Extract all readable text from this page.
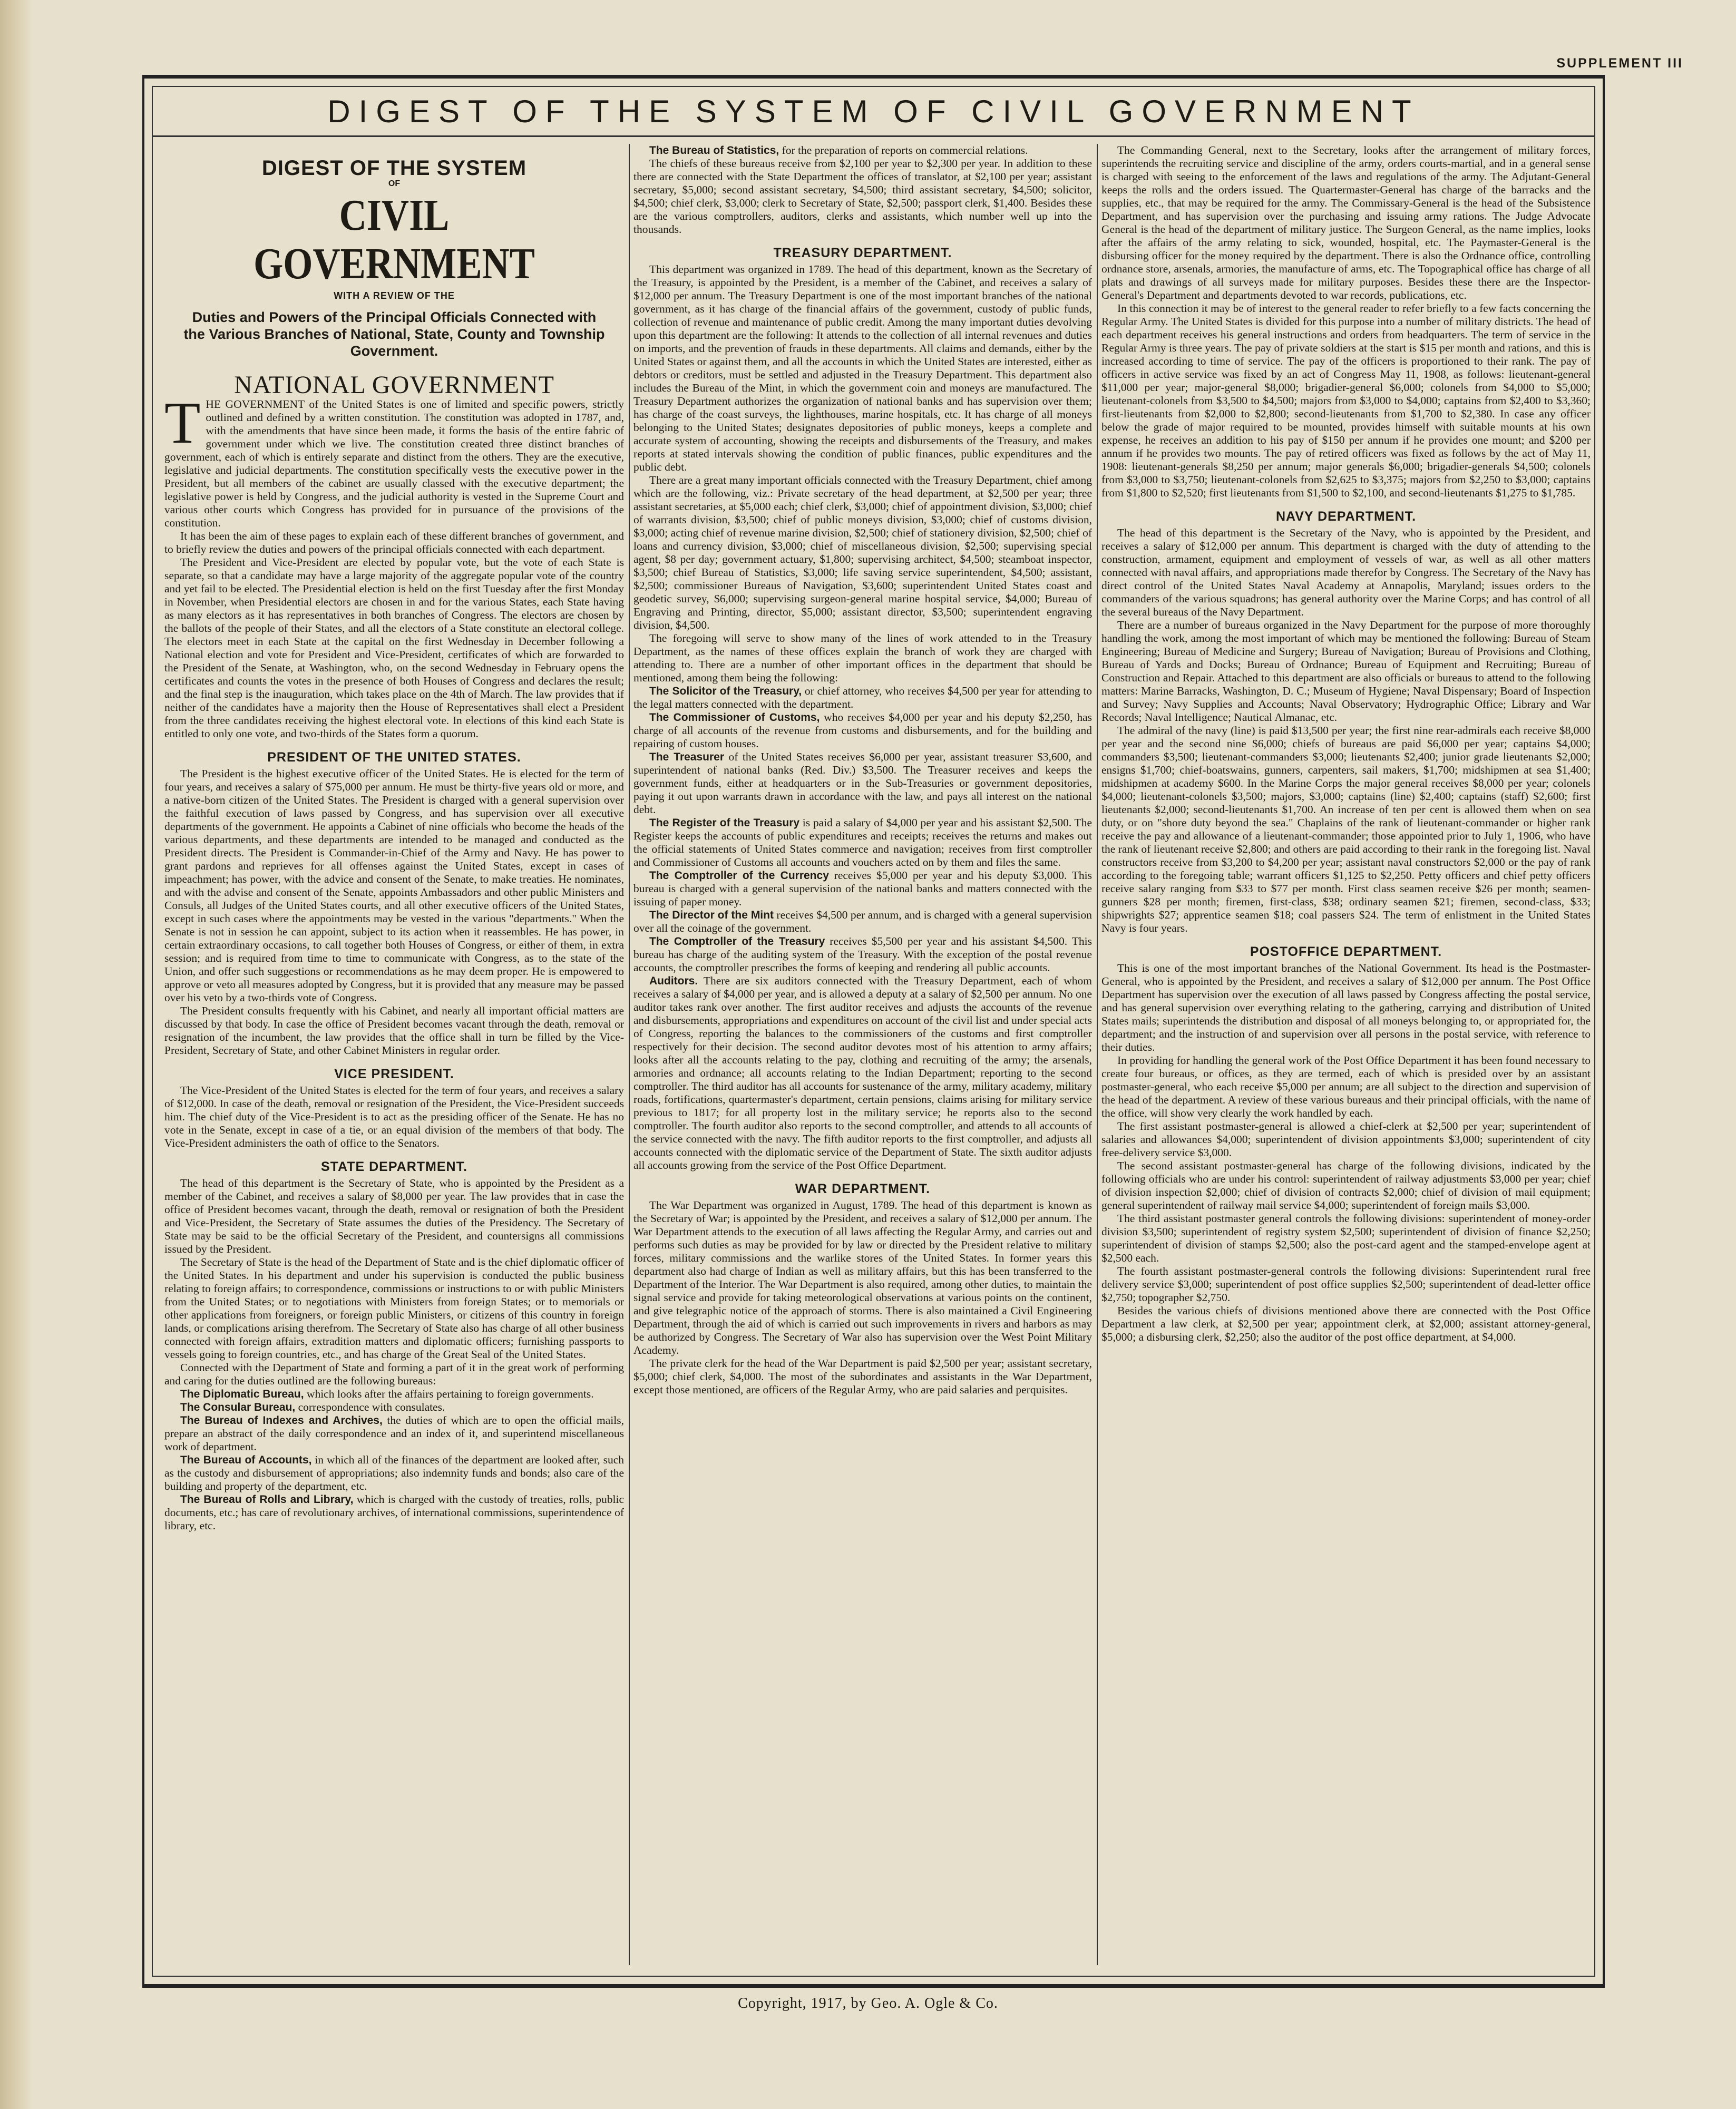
SUPPLEMENT III
DIGEST OF THE SYSTEM OF CIVIL GOVERNMENT
DIGEST OF THE SYSTEM
OF
CIVIL GOVERNMENT
WITH A REVIEW OF THE
Duties and Powers of the Principal Officials Connected with the Various Branches of National, State, County and Township Government.
NATIONAL GOVERNMENT

THE GOVERNMENT of the United States is one of limited and specific powers, strictly outlined and defined by a written constitution. The constitution was adopted in 1787, and, with the amendments that have since been made, it forms the basis of the entire fabric of government under which we live. The constitution created three distinct branches of government, each of which is entirely separate and distinct from the others. They are the executive, legislative and judicial departments. The constitution specifically vests the executive power in the President, but all members of the cabinet are usually classed with the executive department; the legislative power is held by Congress, and the judicial authority is vested in the Supreme Court and various other courts which Congress has provided for in pursuance of the provisions of the constitution.

It has been the aim of these pages to explain each of these different branches of government, and to briefly review the duties and powers of the principal officials connected with each department.

The President and Vice-President are elected by popular vote, but the vote of each State is separate, so that a candidate may have a large majority of the aggregate popular vote of the country and yet fail to be elected. The Presidential election is held on the first Tuesday after the first Monday in November, when Presidential electors are chosen in and for the various States, each State having as many electors as it has representatives in both branches of Congress. The electors are chosen by the ballots of the people of their States, and all the electors of a State constitute an electoral college. The electors meet in each State at the capital on the first Wednesday in December following a National election and vote for President and Vice-President, certificates of which are forwarded to the President of the Senate, at Washington, who, on the second Wednesday in February opens the certificates and counts the votes in the presence of both Houses of Congress and declares the result; and the final step is the inauguration, which takes place on the 4th of March. The law provides that if neither of the candidates have a majority then the House of Representatives shall elect a President from the three candidates receiving the highest electoral vote. In elections of this kind each State is entitled to only one vote, and two-thirds of the States form a quorum.

PRESIDENT OF THE UNITED STATES.

The President is the highest executive officer of the United States. He is elected for the term of four years, and receives a salary of $75,000 per annum. He must be thirty-five years old or more, and a native-born citizen of the United States. The President is charged with a general supervision over the faithful execution of laws passed by Congress, and has supervision over all executive departments of the government. He appoints a Cabinet of nine officials who become the heads of the various departments, and these departments are intended to be managed and conducted as the President directs. The President is Commander-in-Chief of the Army and Navy. He has power to grant pardons and reprieves for all offenses against the United States, except in cases of impeachment; has power, with the advice and consent of the Senate, to make treaties. He nominates, and with the advise and consent of the Senate, appoints Ambassadors and other public Ministers and Consuls, all Judges of the United States courts, and all other executive officers of the United States, except in such cases where the appointments may be vested in the various "departments." When the Senate is not in session he can appoint, subject to its action when it reassembles. He has power, in certain extraordinary occasions, to call together both Houses of Congress, or either of them, in extra session; and is required from time to time to communicate with Congress, as to the state of the Union, and offer such suggestions or recommendations as he may deem proper. He is empowered to approve or veto all measures adopted by Congress, but it is provided that any measure may be passed over his veto by a two-thirds vote of Congress.

The President consults frequently with his Cabinet, and nearly all important official matters are discussed by that body. In case the office of President becomes vacant through the death, removal or resignation of the incumbent, the law provides that the office shall in turn be filled by the Vice-President, Secretary of State, and other Cabinet Ministers in regular order.

VICE PRESIDENT.

The Vice-President of the United States is elected for the term of four years, and receives a salary of $12,000. In case of the death, removal or resignation of the President, the Vice-President succeeds him. The chief duty of the Vice-President is to act as the presiding officer of the Senate. He has no vote in the Senate, except in case of a tie, or an equal division of the members of that body. The Vice-President administers the oath of office to the Senators.

STATE DEPARTMENT.

The head of this department is the Secretary of State, who is appointed by the President as a member of the Cabinet, and receives a salary of $8,000 per year. The law provides that in case the office of President becomes vacant, through the death, removal or resignation of both the President and Vice-President, the Secretary of State assumes the duties of the Presidency. The Secretary of State may be said to be the official Secretary of the President, and countersigns all commissions issued by the President.

The Secretary of State is the head of the Department of State and is the chief diplomatic officer of the United States. In his department and under his supervision is conducted the public business relating to foreign affairs; to correspondence, commissions or instructions to or with public Ministers from the United States; or to negotiations with Ministers from foreign States; or to memorials or other applications from foreigners, or foreign public Ministers, or citizens of this country in foreign lands, or complications arising therefrom. The Secretary of State also has charge of all other business connected with foreign affairs, extradition matters and diplomatic officers; furnishing passports to vessels going to foreign countries, etc., and has charge of the Great Seal of the United States.

Connected with the Department of State and forming a part of it in the great work of performing and caring for the duties outlined are the following bureaus:

The Diplomatic Bureau, which looks after the affairs pertaining to foreign governments.

The Consular Bureau, correspondence with consulates.

The Bureau of Indexes and Archives, the duties of which are to open the official mails, prepare an abstract of the daily correspondence and an index of it, and superintend miscellaneous work of department.

The Bureau of Accounts, in which all of the finances of the department are looked after, such as the custody and disbursement of appropriations; also indemnity funds and bonds; also care of the building and property of the department, etc.

The Bureau of Rolls and Library, which is charged with the custody of treaties, rolls, public documents, etc.; has care of revolutionary archives, of international commissions, superintendence of library, etc.

The Bureau of Statistics, for the preparation of reports on commercial relations.

The chiefs of these bureaus receive from $2,100 per year to $2,300 per year. In addition to these there are connected with the State Department the offices of translator, at $2,100 per year; assistant secretary, $5,000; second assistant secretary, $4,500; third assistant secretary, $4,500; solicitor, $4,500; chief clerk, $3,000; clerk to Secretary of State, $2,500; passport clerk, $1,400. Besides these are the various comptrollers, auditors, clerks and assistants, which number well up into the thousands.

TREASURY DEPARTMENT.

This department was organized in 1789. The head of this department, known as the Secretary of the Treasury, is appointed by the President, is a member of the Cabinet, and receives a salary of $12,000 per annum. The Treasury Department is one of the most important branches of the national government, as it has charge of the financial affairs of the government, custody of public funds, collection of revenue and maintenance of public credit. Among the many important duties devolving upon this department are the following: It attends to the collection of all internal revenues and duties on imports, and the prevention of frauds in these departments. All claims and demands, either by the United States or against them, and all the accounts in which the United States are interested, either as debtors or creditors, must be settled and adjusted in the Treasury Department. This department also includes the Bureau of the Mint, in which the government coin and moneys are manufactured. The Treasury Department authorizes the organization of national banks and has supervision over them; has charge of the coast surveys, the lighthouses, marine hospitals, etc. It has charge of all moneys belonging to the United States; designates depositories of public moneys, keeps a complete and accurate system of accounting, showing the receipts and disbursements of the Treasury, and makes reports at stated intervals showing the condition of public finances, public expenditures and the public debt.

There are a great many important officials connected with the Treasury Department, chief among which are the following, viz.: Private secretary of the head department, at $2,500 per year; three assistant secretaries, at $5,000 each; chief clerk, $3,000; chief of appointment division, $3,000; chief of warrants division, $3,500; chief of public moneys division, $3,000; chief of customs division, $3,000; acting chief of revenue marine division, $2,500; chief of stationery division, $2,500; chief of loans and currency division, $3,000; chief of miscellaneous division, $2,500; supervising special agent, $8 per day; government actuary, $1,800; supervising architect, $4,500; steamboat inspector, $3,500; chief Bureau of Statistics, $3,000; life saving service superintendent, $4,500; assistant, $2,500; commissioner Bureaus of Navigation, $3,600; superintendent United States coast and geodetic survey, $6,000; supervising surgeon-general marine hospital service, $4,000; Bureau of Engraving and Printing, director, $5,000; assistant director, $3,500; superintendent engraving division, $4,500.

The foregoing will serve to show many of the lines of work attended to in the Treasury Department, as the names of these offices explain the branch of work they are charged with attending to. There are a number of other important offices in the department that should be mentioned, among them being the following:

The Solicitor of the Treasury, or chief attorney, who receives $4,500 per year for attending to the legal matters connected with the department.

The Commissioner of Customs, who receives $4,000 per year and his deputy $2,250, has charge of all accounts of the revenue from customs and disbursements, and for the building and repairing of custom houses.

The Treasurer of the United States receives $6,000 per year, assistant treasurer $3,600, and superintendent of national banks (Red. Div.) $3,500. The Treasurer receives and keeps the government funds, either at headquarters or in the Sub-Treasuries or government depositories, paying it out upon warrants drawn in accordance with the law, and pays all interest on the national debt.

The Register of the Treasury is paid a salary of $4,000 per year and his assistant $2,500. The Register keeps the accounts of public expenditures and receipts; receives the returns and makes out the official statements of United States commerce and navigation; receives from first comptroller and Commissioner of Customs all accounts and vouchers acted on by them and files the same.

The Comptroller of the Currency receives $5,000 per year and his deputy $3,000. This bureau is charged with a general supervision of the national banks and matters connected with the issuing of paper money.

The Director of the Mint receives $4,500 per annum, and is charged with a general supervision over all the coinage of the government.

The Comptroller of the Treasury receives $5,500 per year and his assistant $4,500. This bureau has charge of the auditing system of the Treasury. With the exception of the postal revenue accounts, the comptroller prescribes the forms of keeping and rendering all public accounts.

Auditors. There are six auditors connected with the Treasury Department, each of whom receives a salary of $4,000 per year, and is allowed a deputy at a salary of $2,500 per annum. No one auditor takes rank over another. The first auditor receives and adjusts the accounts of the revenue and disbursements, appropriations and expenditures on account of the civil list and under special acts of Congress, reporting the balances to the commissioners of the customs and first comptroller respectively for their decision. The second auditor devotes most of his attention to army affairs; looks after all the accounts relating to the pay, clothing and recruiting of the army; the arsenals, armories and ordnance; all accounts relating to the Indian Department; reporting to the second comptroller. The third auditor has all accounts for sustenance of the army, military academy, military roads, fortifications, quartermaster's department, certain pensions, claims arising for military service previous to 1817; for all property lost in the military service; he reports also to the second comptroller. The fourth auditor also reports to the second comptroller, and attends to all accounts of the service connected with the navy. The fifth auditor reports to the first comptroller, and adjusts all accounts connected with the diplomatic service of the Department of State. The sixth auditor adjusts all accounts growing from the service of the Post Office Department.

WAR DEPARTMENT.

The War Department was organized in August, 1789. The head of this department is known as the Secretary of War; is appointed by the President, and receives a salary of $12,000 per annum. The War Department attends to the execution of all laws affecting the Regular Army, and carries out and performs such duties as may be provided for by law or directed by the President relative to military forces, military commissions and the warlike stores of the United States. In former years this department also had charge of Indian as well as military affairs, but this has been transferred to the Department of the Interior. The War Department is also required, among other duties, to maintain the signal service and provide for taking meteorological observations at various points on the continent, and give telegraphic notice of the approach of storms. There is also maintained a Civil Engineering Department, through the aid of which is carried out such improvements in rivers and harbors as may be authorized by Congress. The Secretary of War also has supervision over the West Point Military Academy.

The private clerk for the head of the War Department is paid $2,500 per year; assistant secretary, $5,000; chief clerk, $4,000. The most of the subordinates and assistants in the War Department, except those mentioned, are officers of the Regular Army, who are paid salaries and perquisites.

The Commanding General, next to the Secretary, looks after the arrangement of military forces, superintends the recruiting service and discipline of the army, orders courts-martial, and in a general sense is charged with seeing to the enforcement of the laws and regulations of the army. The Adjutant-General keeps the rolls and the orders issued. The Quartermaster-General has charge of the barracks and the supplies, etc., that may be required for the army. The Commissary-General is the head of the Subsistence Department, and has supervision over the purchasing and issuing army rations. The Judge Advocate General is the head of the department of military justice. The Surgeon General, as the name implies, looks after the affairs of the army relating to sick, wounded, hospital, etc. The Paymaster-General is the disbursing officer for the money required by the department. There is also the Ordnance office, controlling ordnance store, arsenals, armories, the manufacture of arms, etc. The Topographical office has charge of all plats and drawings of all surveys made for military purposes. Besides these there are the Inspector-General's Department and departments devoted to war records, publications, etc.

In this connection it may be of interest to the general reader to refer briefly to a few facts concerning the Regular Army. The United States is divided for this purpose into a number of military districts. The head of each department receives his general instructions and orders from headquarters. The term of service in the Regular Army is three years. The pay of private soldiers at the start is $15 per month and rations, and this is increased according to time of service. The pay of the officers is proportioned to their rank. The pay of officers in active service was fixed by an act of Congress May 11, 1908, as follows: lieutenant-general $11,000 per year; major-general $8,000; brigadier-general $6,000; colonels from $4,000 to $5,000; lieutenant-colonels from $3,500 to $4,500; majors from $3,000 to $4,000; captains from $2,400 to $3,360; first-lieutenants from $2,000 to $2,800; second-lieutenants from $1,700 to $2,380. In case any officer below the grade of major required to be mounted, provides himself with suitable mounts at his own expense, he receives an addition to his pay of $150 per annum if he provides one mount; and $200 per annum if he provides two mounts. The pay of retired officers was fixed as follows by the act of May 11, 1908: lieutenant-generals $8,250 per annum; major generals $6,000; brigadier-generals $4,500; colonels from $3,000 to $3,750; lieutenant-colonels from $2,625 to $3,375; majors from $2,250 to $3,000; captains from $1,800 to $2,520; first lieutenants from $1,500 to $2,100, and second-lieutenants $1,275 to $1,785.

NAVY DEPARTMENT.

The head of this department is the Secretary of the Navy, who is appointed by the President, and receives a salary of $12,000 per annum. This department is charged with the duty of attending to the construction, armament, equipment and employment of vessels of war, as well as all other matters connected with naval affairs, and appropriations made therefor by Congress. The Secretary of the Navy has direct control of the United States Naval Academy at Annapolis, Maryland; issues orders to the commanders of the various squadrons; has general authority over the Marine Corps; and has control of all the several bureaus of the Navy Department.

There are a number of bureaus organized in the Navy Department for the purpose of more thoroughly handling the work, among the most important of which may be mentioned the following: Bureau of Steam Engineering; Bureau of Medicine and Surgery; Bureau of Navigation; Bureau of Provisions and Clothing, Bureau of Yards and Docks; Bureau of Ordnance; Bureau of Equipment and Recruiting; Bureau of Construction and Repair. Attached to this department are also officials or bureaus to attend to the following matters: Marine Barracks, Washington, D. C.; Museum of Hygiene; Naval Dispensary; Board of Inspection and Survey; Navy Supplies and Accounts; Naval Observatory; Hydrographic Office; Library and War Records; Naval Intelligence; Nautical Almanac, etc.

The admiral of the navy (line) is paid $13,500 per year; the first nine rear-admirals each receive $8,000 per year and the second nine $6,000; chiefs of bureaus are paid $6,000 per year; captains $4,000; commanders $3,500; lieutenant-commanders $3,000; lieutenants $2,400; junior grade lieutenants $2,000; ensigns $1,700; chief-boatswains, gunners, carpenters, sail makers, $1,700; midshipmen at sea $1,400; midshipmen at academy $600. In the Marine Corps the major general receives $8,000 per year; colonels $4,000; lieutenant-colonels $3,500; majors, $3,000; captains (line) $2,400; captains (staff) $2,600; first lieutenants $2,000; second-lieutenants $1,700. An increase of ten per cent is allowed them when on sea duty, or on "shore duty beyond the sea." Chaplains of the rank of lieutenant-commander or higher rank receive the pay and allowance of a lieutenant-commander; those appointed prior to July 1, 1906, who have the rank of lieutenant receive $2,800; and others are paid according to their rank in the foregoing list. Naval constructors receive from $3,200 to $4,200 per year; assistant naval constructors $2,000 or the pay of rank according to the foregoing table; warrant officers $1,125 to $2,250. Petty officers and chief petty officers receive salary ranging from $33 to $77 per month. First class seamen receive $26 per month; seamen-gunners $28 per month; firemen, first-class, $38; ordinary seamen $21; firemen, second-class, $33; shipwrights $27; apprentice seamen $18; coal passers $24. The term of enlistment in the United States Navy is four years.

POSTOFFICE DEPARTMENT.

This is one of the most important branches of the National Government. Its head is the Postmaster-General, who is appointed by the President, and receives a salary of $12,000 per annum. The Post Office Department has supervision over the execution of all laws passed by Congress affecting the postal service, and has general supervision over everything relating to the gathering, carrying and distribution of United States mails; superintends the distribution and disposal of all moneys belonging to, or appropriated for, the department; and the instruction of and supervision over all persons in the postal service, with reference to their duties.

In providing for handling the general work of the Post Office Department it has been found necessary to create four bureaus, or offices, as they are termed, each of which is presided over by an assistant postmaster-general, who each receive $5,000 per annum; are all subject to the direction and supervision of the head of the department. A review of these various bureaus and their principal officials, with the name of the office, will show very clearly the work handled by each.

The first assistant postmaster-general is allowed a chief-clerk at $2,500 per year; superintendent of salaries and allowances $4,000; superintendent of division appointments $3,000; superintendent of city free-delivery service $3,000.

The second assistant postmaster-general has charge of the following divisions, indicated by the following officials who are under his control: superintendent of railway adjustments $3,000 per year; chief of division inspection $2,000; chief of division of contracts $2,000; chief of division of mail equipment; general superintendent of railway mail service $4,000; superintendent of foreign mails $3,000.

The third assistant postmaster general controls the following divisions: superintendent of money-order division $3,500; superintendent of registry system $2,500; superintendent of division of finance $2,250; superintendent of division of stamps $2,500; also the post-card agent and the stamped-envelope agent at $2,500 each.

The fourth assistant postmaster-general controls the following divisions: Superintendent rural free delivery service $3,000; superintendent of post office supplies $2,500; superintendent of dead-letter office $2,750; topographer $2,750.

Besides the various chiefs of divisions mentioned above there are connected with the Post Office Department a law clerk, at $2,500 per year; appointment clerk, at $2,000; assistant attorney-general, $5,000; a disbursing clerk, $2,250; also the auditor of the post office department, at $4,000.

Copyright, 1917, by Geo. A. Ogle & Co.
